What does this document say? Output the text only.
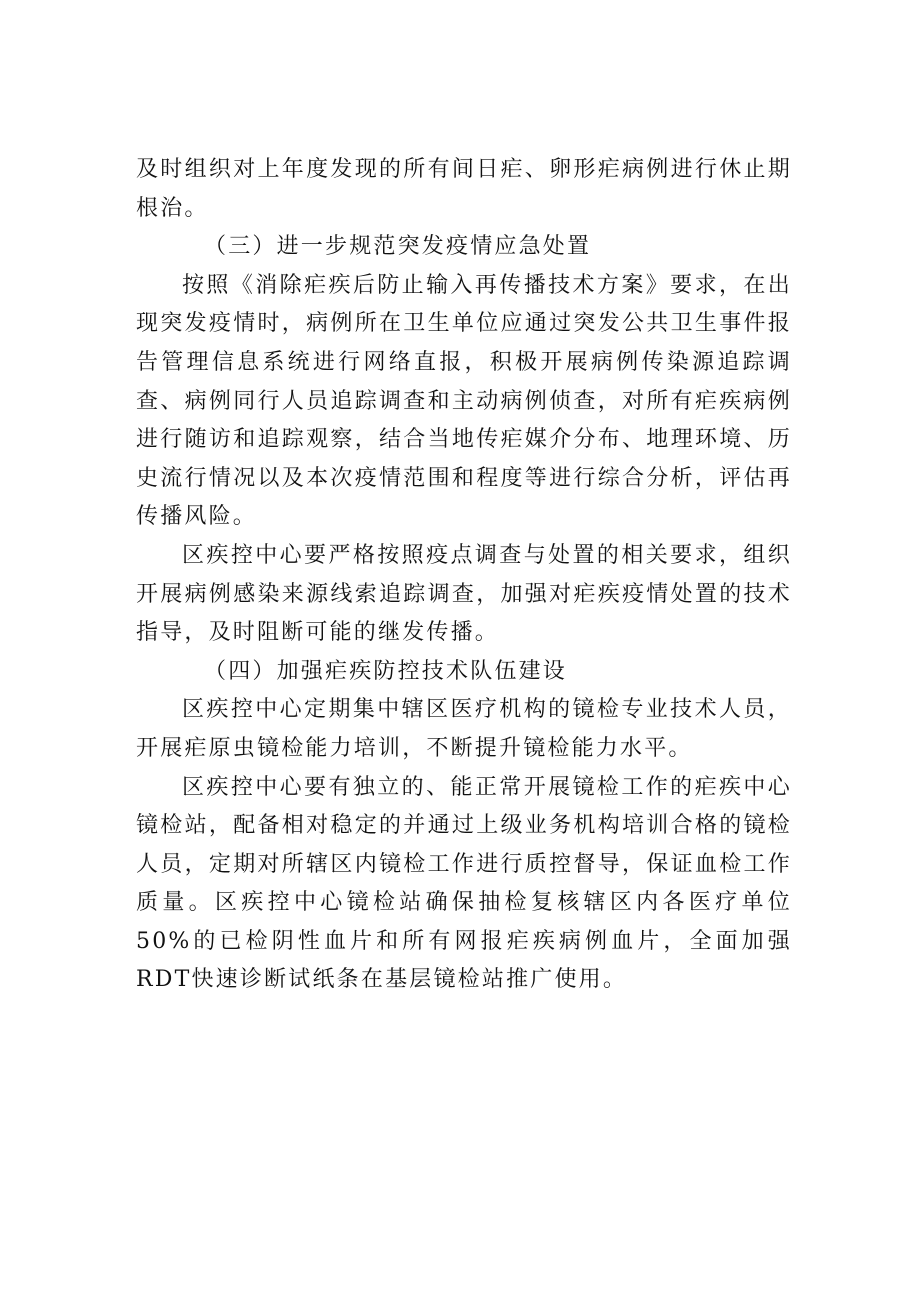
及时组织对上年度发现的所有间日疟、卵形疟病例进行休止期根治。

（三）进一步规范突发疫情应急处置

按照《消除疟疾后防止输入再传播技术方案》要求，在出现突发疫情时，病例所在卫生单位应通过突发公共卫生事件报告管理信息系统进行网络直报，积极开展病例传染源追踪调查、病例同行人员追踪调查和主动病例侦查，对所有疟疾病例进行随访和追踪观察，结合当地传疟媒介分布、地理环境、历史流行情况以及本次疫情范围和程度等进行综合分析，评估再传播风险。

区疾控中心要严格按照疫点调查与处置的相关要求，组织开展病例感染来源线索追踪调查，加强对疟疾疫情处置的技术指导，及时阻断可能的继发传播。

（四）加强疟疾防控技术队伍建设

区疾控中心定期集中辖区医疗机构的镜检专业技术人员，开展疟原虫镜检能力培训，不断提升镜检能力水平。

区疾控中心要有独立的、能正常开展镜检工作的疟疾中心镜检站，配备相对稳定的并通过上级业务机构培训合格的镜检人员，定期对所辖区内镜检工作进行质控督导，保证血检工作质量。区疾控中心镜检站确保抽检复核辖区内各医疗单位50%的已检阴性血片和所有网报疟疾病例血片，全面加强RDT快速诊断试纸条在基层镜检站推广使用。
